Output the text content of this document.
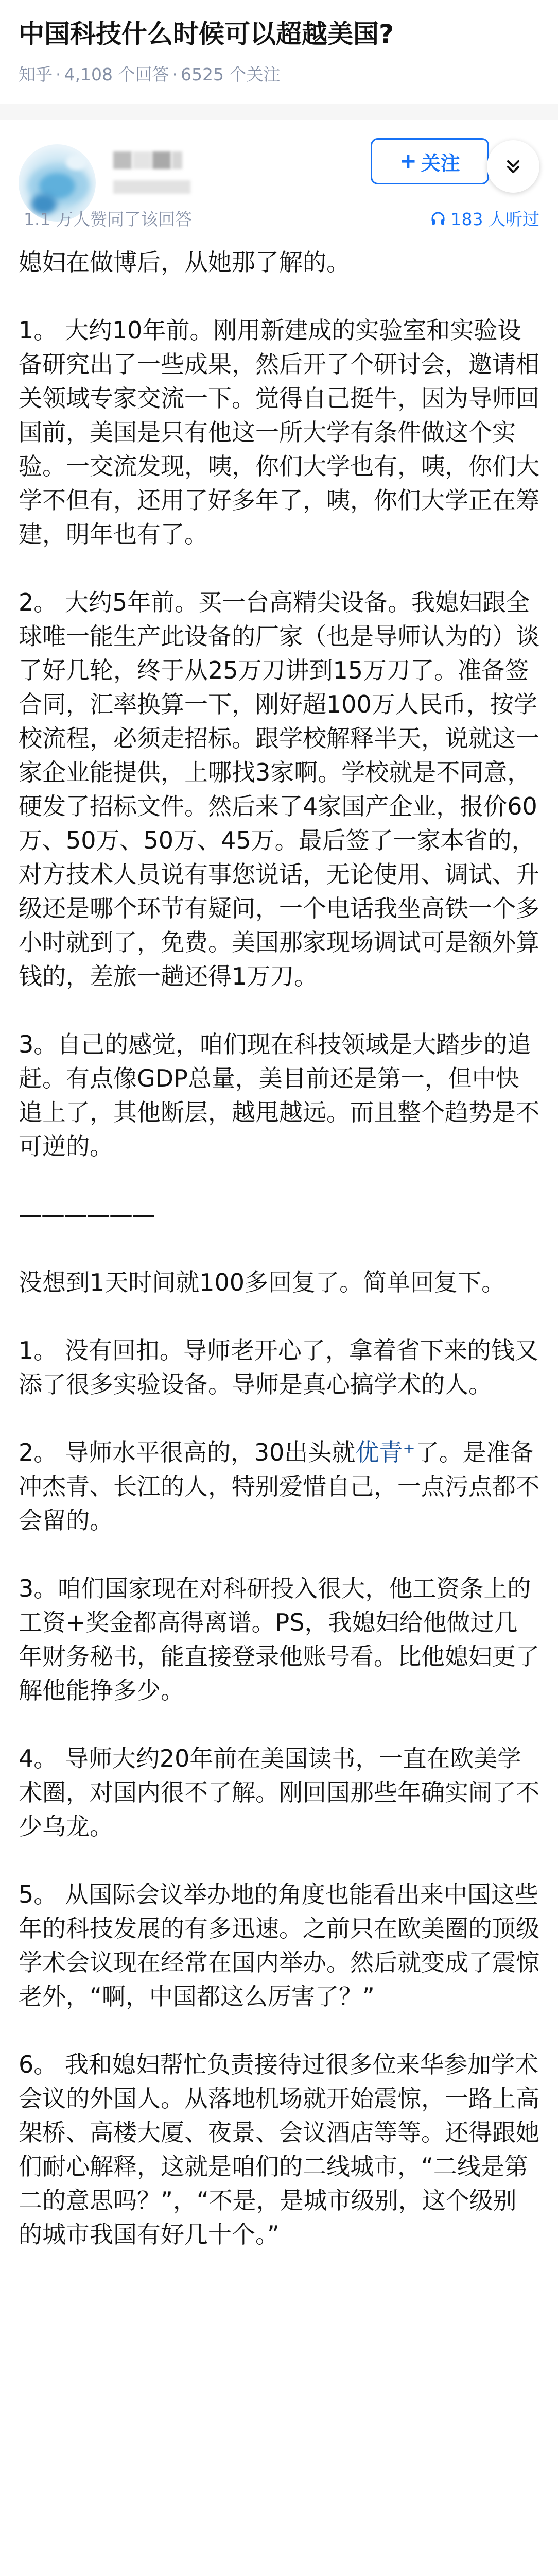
中国科技什么时候可以超越美国?
知乎 · 4,108 个回答 · 6525 个关注
+ 关注
1.1 万人赞同了该回答	183 人听过

媳妇在做博后，从她那了解的。

1。 大约10年前。刚用新建成的实验室和实验设备研究出了一些成果，然后开了个研讨会，邀请相关领域专家交流一下。觉得自己挺牛，因为导师回国前，美国是只有他这一所大学有条件做这个实验。一交流发现，咦，你们大学也有，咦，你们大学不但有，还用了好多年了，咦，你们大学正在筹建，明年也有了。

2。 大约5年前。买一台高精尖设备。我媳妇跟全球唯一能生产此设备的厂家（也是导师认为的）谈了好几轮，终于从25万刀讲到15万刀了。准备签合同，汇率换算一下，刚好超100万人民币，按学校流程，必须走招标。跟学校解释半天，说就这一家企业能提供，上哪找3家啊。学校就是不同意，硬发了招标文件。然后来了4家国产企业，报价60万、50万、50万、45万。最后签了一家本省的，对方技术人员说有事您说话，无论使用、调试、升级还是哪个环节有疑问，一个电话我坐高铁一个多小时就到了，免费。美国那家现场调试可是额外算钱的，差旅一趟还得1万刀。

3。自己的感觉，咱们现在科技领域是大踏步的追赶。有点像GDP总量，美目前还是第一，但中快追上了，其他断层，越甩越远。而且整个趋势是不可逆的。

——————

没想到1天时间就100多回复了。简单回复下。

1。 没有回扣。导师老开心了，拿着省下来的钱又添了很多实验设备。导师是真心搞学术的人。

2。 导师水平很高的，30出头就优青⁺了。是准备冲杰青、长江的人，特别爱惜自己，一点污点都不会留的。

3。咱们国家现在对科研投入很大，他工资条上的工资+奖金都高得离谱。PS，我媳妇给他做过几年财务秘书，能直接登录他账号看。比他媳妇更了解他能挣多少。

4。 导师大约20年前在美国读书，一直在欧美学术圈，对国内很不了解。刚回国那些年确实闹了不少乌龙。

5。 从国际会议举办地的角度也能看出来中国这些年的科技发展的有多迅速。之前只在欧美圈的顶级学术会议现在经常在国内举办。然后就变成了震惊老外，“啊，中国都这么厉害了？”

6。 我和媳妇帮忙负责接待过很多位来华参加学术会议的外国人。从落地机场就开始震惊，一路上高架桥、高楼大厦、夜景、会议酒店等等。还得跟她们耐心解释，这就是咱们的二线城市，“二线是第二的意思吗？”，“不是，是城市级别，这个级别的城市我国有好几十个。”
